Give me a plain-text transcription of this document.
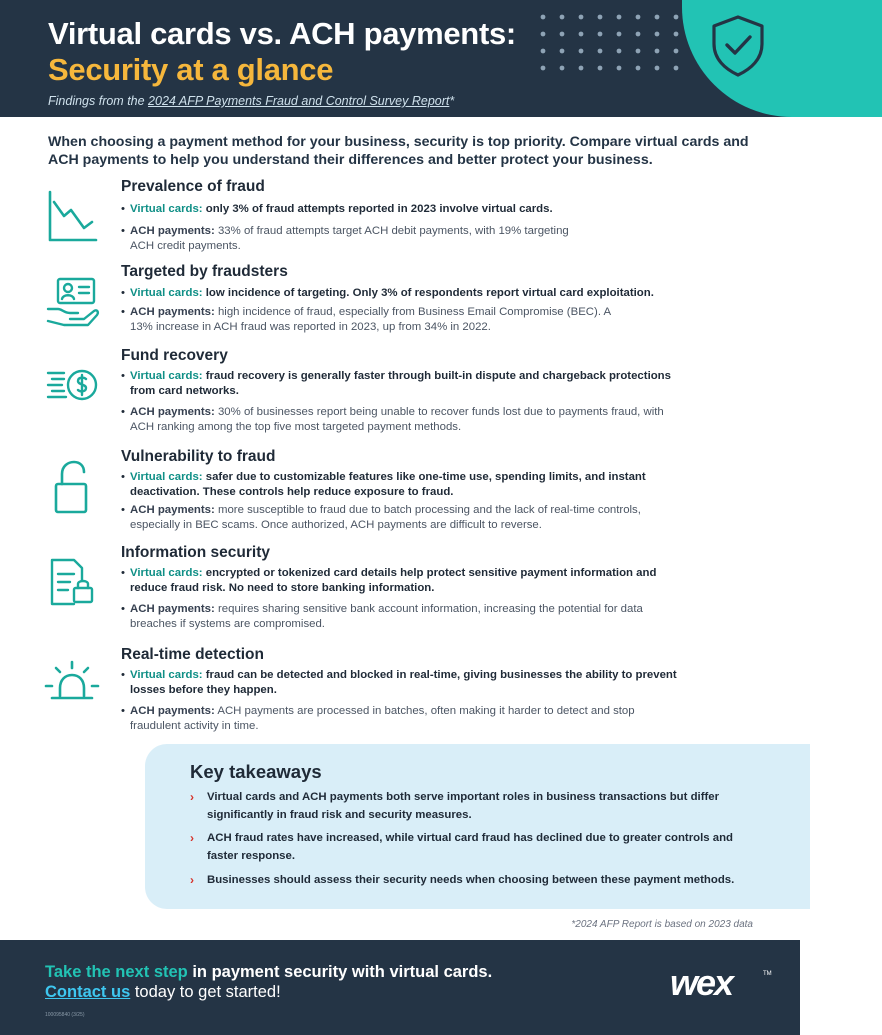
Virtual cards vs. ACH payments:
Security at a glance
Findings from the 2024 AFP Payments Fraud and Control Survey Report*
When choosing a payment method for your business, security is top priority. Compare virtual cards and ACH payments to help you understand their differences and better protect your business.
Prevalence of fraud
• Virtual cards: only 3% of fraud attempts reported in 2023 involve virtual cards.
• ACH payments: 33% of fraud attempts target ACH debit payments, with 19% targeting ACH credit payments.
Targeted by fraudsters
• Virtual cards: low incidence of targeting. Only 3% of respondents report virtual card exploitation.
• ACH payments: high incidence of fraud, especially from Business Email Compromise (BEC). A 13% increase in ACH fraud was reported in 2023, up from 34% in 2022.
Fund recovery
• Virtual cards: fraud recovery is generally faster through built-in dispute and chargeback protections from card networks.
• ACH payments: 30% of businesses report being unable to recover funds lost due to payments fraud, with ACH ranking among the top five most targeted payment methods.
Vulnerability to fraud
• Virtual cards: safer due to customizable features like one-time use, spending limits, and instant deactivation. These controls help reduce exposure to fraud.
• ACH payments: more susceptible to fraud due to batch processing and the lack of real-time controls, especially in BEC scams. Once authorized, ACH payments are difficult to reverse.
Information security
• Virtual cards: encrypted or tokenized card details help protect sensitive payment information and reduce fraud risk. No need to store banking information.
• ACH payments: requires sharing sensitive bank account information, increasing the potential for data breaches if systems are compromised.
Real-time detection
• Virtual cards: fraud can be detected and blocked in real-time, giving businesses the ability to prevent losses before they happen.
• ACH payments: ACH payments are processed in batches, often making it harder to detect and stop fraudulent activity in time.
Key takeaways
›	Virtual cards and ACH payments both serve important roles in business transactions but differ significantly in fraud risk and security measures.
›	ACH fraud rates have increased, while virtual card fraud has declined due to greater controls and faster response.
›	Businesses should assess their security needs when choosing between these payment methods.
*2024 AFP Report is based on 2023 data
Take the next step in payment security with virtual cards.
Contact us today to get started!
100095840 (3/25)
wex	TM
